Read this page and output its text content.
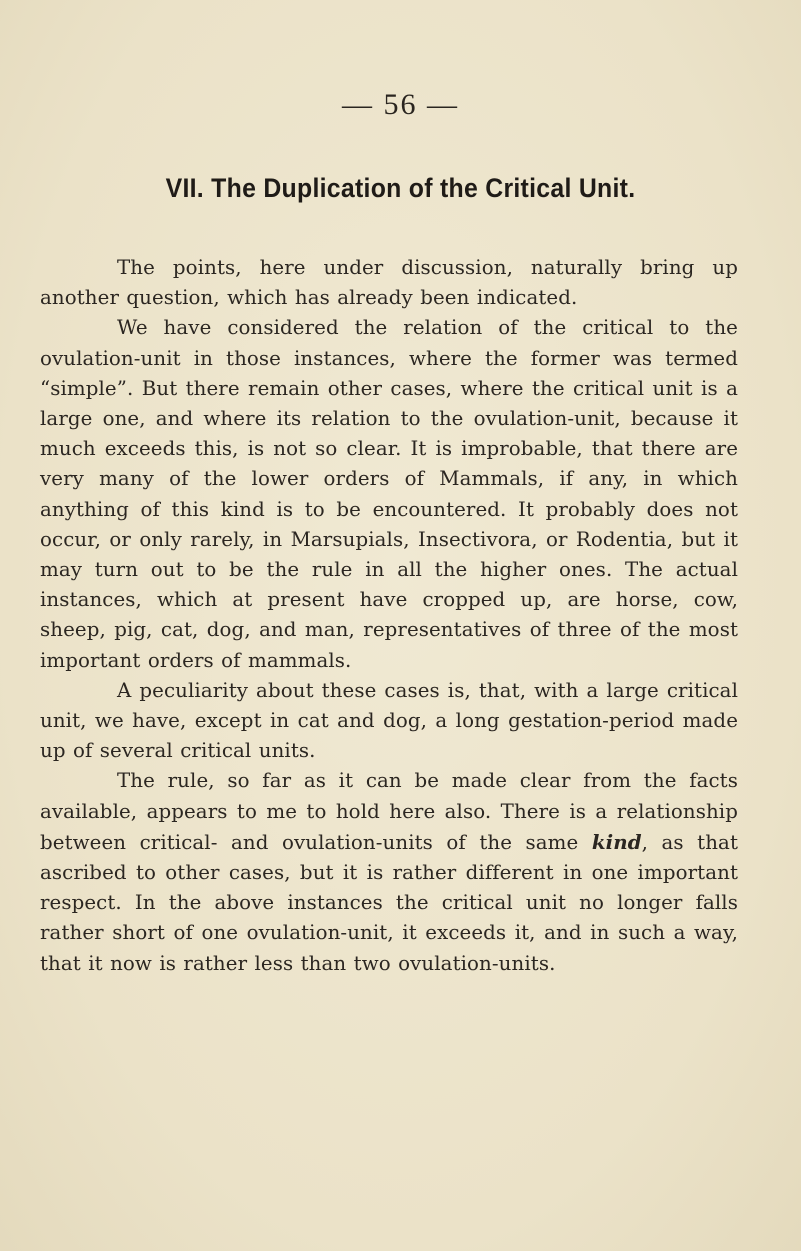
— 56 —
VII. The Duplication of the Critical Unit.

The points, here under discussion, naturally bring up another question, which has already been indicated.

We have considered the relation of the critical to the ovulation-unit in those instances, where the former was termed “simple”. But there remain other cases, where the critical unit is a large one, and where its relation to the ovulation-unit, because it much exceeds this, is not so clear. It is improbable, that there are very many of the lower orders of Mammals, if any, in which anything of this kind is to be encountered. It probably does not occur, or only rarely, in Marsupials, Insectivora, or Rodentia, but it may turn out to be the rule in all the higher ones. The actual instances, which at present have cropped up, are horse, cow, sheep, pig, cat, dog, and man, representatives of three of the most important orders of mammals.

A peculiarity about these cases is, that, with a large critical unit, we have, except in cat and dog, a long gestation-period made up of several critical units.

The rule, so far as it can be made clear from the facts available, appears to me to hold here also. There is a relationship between critical- and ovulation-units of the same kind, as that ascribed to other cases, but it is rather different in one important respect. In the above instances the critical unit no longer falls rather short of one ovulation-unit, it exceeds it, and in such a way, that it now is rather less than two ovulation-units.
